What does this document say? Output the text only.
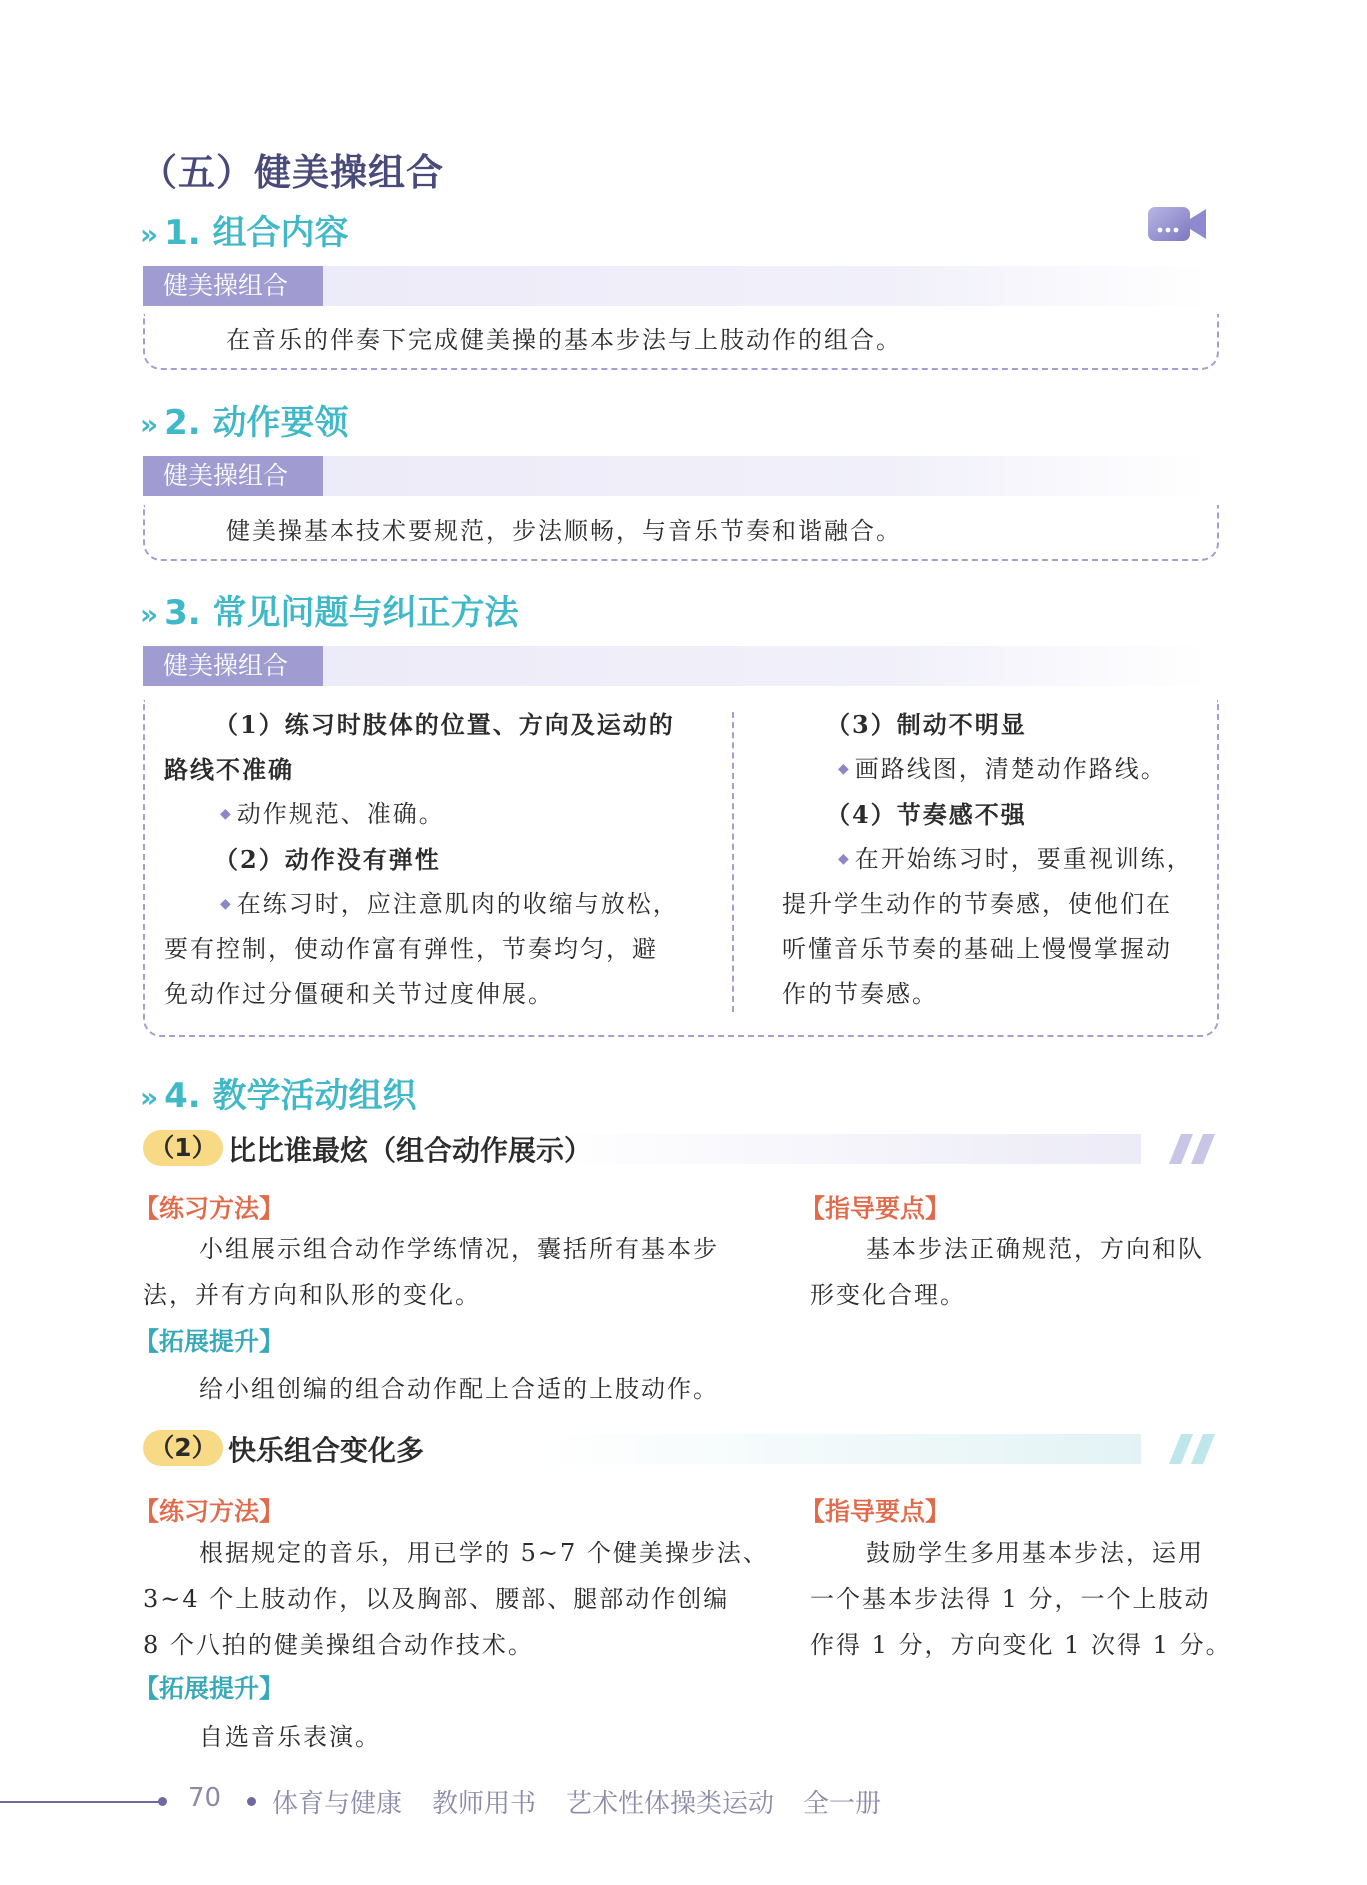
（五）健美操组合
» 1. 组合内容
健美操组合
在音乐的伴奏下完成健美操的基本步法与上肢动作的组合。
» 2. 动作要领
健美操组合
健美操基本技术要规范，步法顺畅，与音乐节奏和谐融合。
» 3. 常见问题与纠正方法
健美操组合
（1）练习时肢体的位置、方向及运动的
路线不准确
◆ 动作规范、准确。
（2）动作没有弹性
◆ 在练习时，应注意肌肉的收缩与放松，
要有控制，使动作富有弹性，节奏均匀，避
免动作过分僵硬和关节过度伸展。
（3）制动不明显
◆ 画路线图，清楚动作路线。
（4）节奏感不强
◆ 在开始练习时，要重视训练，
提升学生动作的节奏感，使他们在
听懂音乐节奏的基础上慢慢掌握动
作的节奏感。
» 4. 教学活动组织
（1） 比比谁最炫（组合动作展示）
【练习方法】
小组展示组合动作学练情况，囊括所有基本步
法，并有方向和队形的变化。
【指导要点】
基本步法正确规范，方向和队
形变化合理。
【拓展提升】
给小组创编的组合动作配上合适的上肢动作。
（2） 快乐组合变化多
【练习方法】
根据规定的音乐，用已学的 5~7 个健美操步法、
3~4 个上肢动作，以及胸部、腰部、腿部动作创编
8 个八拍的健美操组合动作技术。
【指导要点】
鼓励学生多用基本步法，运用
一个基本步法得 1 分，一个上肢动
作得 1 分，方向变化 1 次得 1 分。
【拓展提升】
自选音乐表演。
70 体育与健康 教师用书 艺术性体操类运动 全一册
